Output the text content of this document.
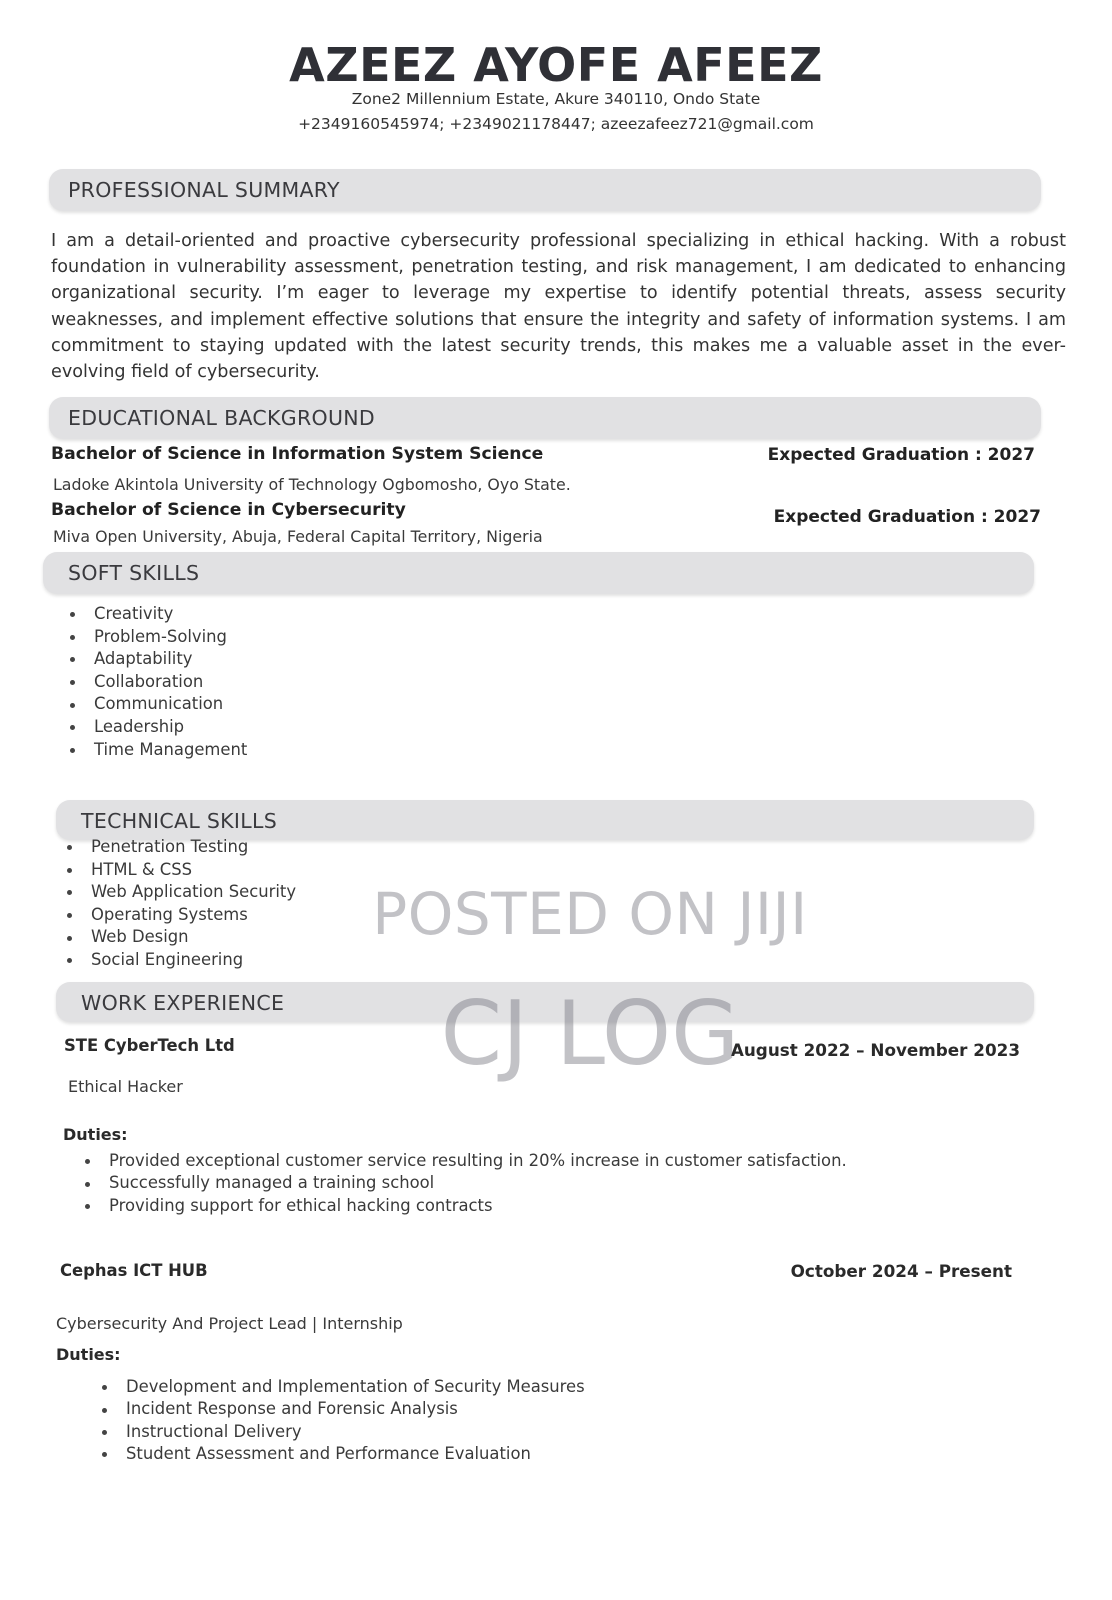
AZEEZ AYOFE AFEEZ
Zone2 Millennium Estate, Akure 340110, Ondo State
+2349160545974; +2349021178447; azeezafeez721@gmail.com
PROFESSIONAL SUMMARY
I am a detail-oriented and proactive cybersecurity professional specializing in ethical hacking. With a robust foundation in vulnerability assessment, penetration testing, and risk management, I am dedicated to enhancing organizational security. I’m eager to leverage my expertise to identify potential threats, assess security weaknesses, and implement effective solutions that ensure the integrity and safety of information systems. I am commitment to staying updated with the latest security trends, this makes me a valuable asset in the ever-evolving field of cybersecurity.
EDUCATIONAL BACKGROUND
Bachelor of Science in Information System Science	Expected Graduation : 2027
Ladoke Akintola University of Technology Ogbomosho, Oyo State.
Bachelor of Science in Cybersecurity	Expected Graduation : 2027
Miva Open University, Abuja, Federal Capital Territory, Nigeria
SOFT SKILLS
Creativity
Problem-Solving
Adaptability
Collaboration
Communication
Leadership
Time Management
TECHNICAL SKILLS
Penetration Testing
HTML & CSS
Web Application Security
Operating Systems
Web Design
Social Engineering
WORK EXPERIENCE
STE CyberTech Ltd	August 2022 – November 2023
Ethical Hacker
Duties:
Provided exceptional customer service resulting in 20% increase in customer satisfaction.
Successfully managed a training school
Providing support for ethical hacking contracts
Cephas ICT HUB	October 2024 – Present
Cybersecurity And Project Lead | Internship
Duties:
Development and Implementation of Security Measures
Incident Response and Forensic Analysis
Instructional Delivery
Student Assessment and Performance Evaluation
POSTED ON JIJI
CJ LOG
